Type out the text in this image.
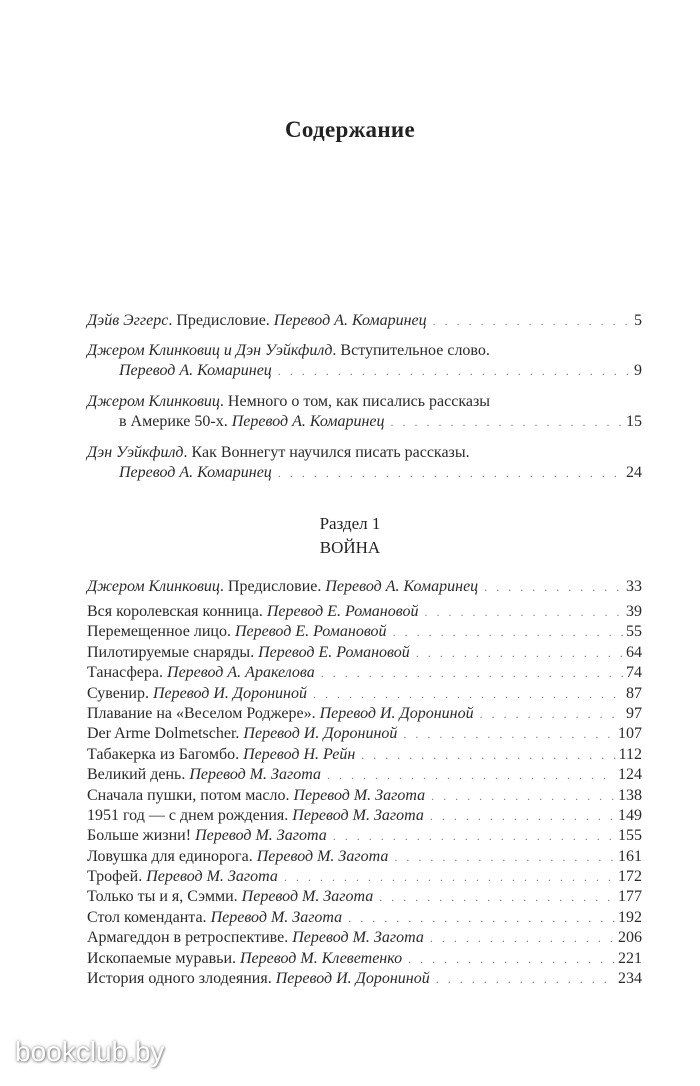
Содержание
Дэйв Эггерс. Предисловие. Перевод А. Комаринец . . .	5
Джером Клинковиц и Дэн Уэйкфилд. Вступительное слово.
Перевод А. Комаринец . . .	9
Джером Клинковиц. Немного о том, как писались рассказы
в Америке 50-х. Перевод А. Комаринец . . .	15
Дэн Уэйкфилд. Как Воннегут научился писать рассказы.
Перевод А. Комаринец . . .	24
Раздел 1
ВОЙНА
Джером Клинковиц. Предисловие. Перевод А. Комаринец . . .	33
Вся королевская конница. Перевод Е. Романовой . . .	39
Перемещенное лицо. Перевод Е. Романовой . . .	55
Пилотируемые снаряды. Перевод Е. Романовой . . .	64
Танасфера. Перевод А. Аракелова . . .	74
Сувенир. Перевод И. Дорониной . . .	87
Плавание на «Веселом Роджере». Перевод И. Дорониной . . .	97
Der Arme Dolmetscher. Перевод И. Дорониной . . .	107
Табакерка из Багомбо. Перевод Н. Рейн . . .	112
Великий день. Перевод М. Загота . . .	124
Сначала пушки, потом масло. Перевод М. Загота . . .	138
1951 год — с днем рождения. Перевод М. Загота . . .	149
Больше жизни! Перевод М. Загота . . .	155
Ловушка для единорога. Перевод М. Загота . . .	161
Трофей. Перевод М. Загота . . .	172
Только ты и я, Сэмми. Перевод М. Загота . . .	177
Стол коменданта. Перевод М. Загота . . .	192
Армагеддон в ретроспективе. Перевод М. Загота . . .	206
Ископаемые муравьи. Перевод М. Клеветенко . . .	221
История одного злодеяния. Перевод И. Дорониной . . .	234
bookclub.by
